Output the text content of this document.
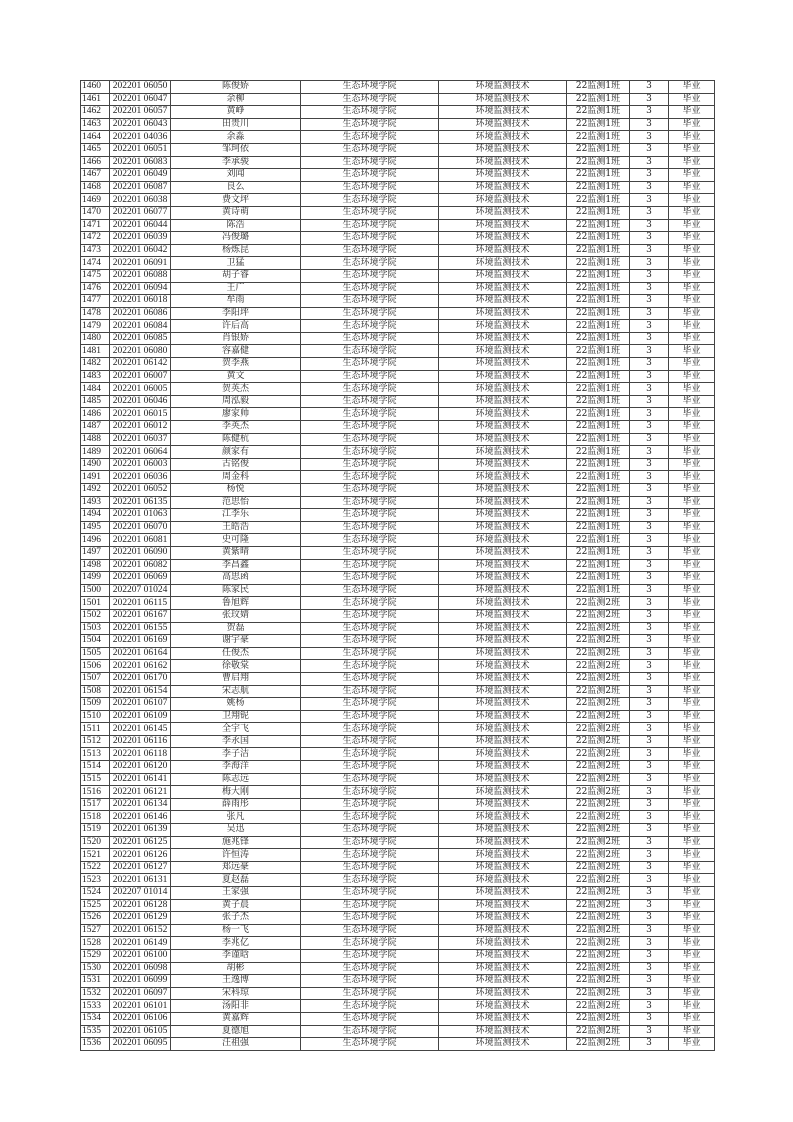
1460	202201 06050	陈俊娇	生态环境学院	环境监测技术	22监测1班	3	毕业
1461	202201 06047	余柳	生态环境学院	环境监测技术	22监测1班	3	毕业
1462	202201 06057	黄峥	生态环境学院	环境监测技术	22监测1班	3	毕业
1463	202201 06043	田贵川	生态环境学院	环境监测技术	22监测1班	3	毕业
1464	202201 04036	余淼	生态环境学院	环境监测技术	22监测1班	3	毕业
1465	202201 06051	邹珂依	生态环境学院	环境监测技术	22监测1班	3	毕业
1466	202201 06083	李承骏	生态环境学院	环境监测技术	22监测1班	3	毕业
1467	202201 06049	刘闻	生态环境学院	环境监测技术	22监测1班	3	毕业
1468	202201 06087	良么	生态环境学院	环境监测技术	22监测1班	3	毕业
1469	202201 06038	费文坪	生态环境学院	环境监测技术	22监测1班	3	毕业
1470	202201 06077	黄诗萌	生态环境学院	环境监测技术	22监测1班	3	毕业
1471	202201 06044	陈浩	生态环境学院	环境监测技术	22监测1班	3	毕业
1472	202201 06039	冯俊璐	生态环境学院	环境监测技术	22监测1班	3	毕业
1473	202201 06042	杨炼昆	生态环境学院	环境监测技术	22监测1班	3	毕业
1474	202201 06091	卫猛	生态环境学院	环境监测技术	22监测1班	3	毕业
1475	202201 06088	胡子睿	生态环境学院	环境监测技术	22监测1班	3	毕业
1476	202201 06094	王广	生态环境学院	环境监测技术	22监测1班	3	毕业
1477	202201 06018	牟雨	生态环境学院	环境监测技术	22监测1班	3	毕业
1478	202201 06086	李阳坪	生态环境学院	环境监测技术	22监测1班	3	毕业
1479	202201 06084	许后高	生态环境学院	环境监测技术	22监测1班	3	毕业
1480	202201 06085	肖银娇	生态环境学院	环境监测技术	22监测1班	3	毕业
1481	202201 06080	容嘉健	生态环境学院	环境监测技术	22监测1班	3	毕业
1482	202201 06142	贺李燕	生态环境学院	环境监测技术	22监测1班	3	毕业
1483	202201 06007	黄文	生态环境学院	环境监测技术	22监测1班	3	毕业
1484	202201 06005	贺英杰	生态环境学院	环境监测技术	22监测1班	3	毕业
1485	202201 06046	周泓毅	生态环境学院	环境监测技术	22监测1班	3	毕业
1486	202201 06015	廖家帅	生态环境学院	环境监测技术	22监测1班	3	毕业
1487	202201 06012	李英杰	生态环境学院	环境监测技术	22监测1班	3	毕业
1488	202201 06037	陈健杭	生态环境学院	环境监测技术	22监测1班	3	毕业
1489	202201 06064	颜家有	生态环境学院	环境监测技术	22监测1班	3	毕业
1490	202201 06003	古铭俊	生态环境学院	环境监测技术	22监测1班	3	毕业
1491	202201 06036	周金科	生态环境学院	环境监测技术	22监测1班	3	毕业
1492	202201 06052	杨悦	生态环境学院	环境监测技术	22监测1班	3	毕业
1493	202201 06135	范思怡	生态环境学院	环境监测技术	22监测1班	3	毕业
1494	202201 01063	江李乐	生态环境学院	环境监测技术	22监测1班	3	毕业
1495	202201 06070	王皓浩	生态环境学院	环境监测技术	22监测1班	3	毕业
1496	202201 06081	史可隆	生态环境学院	环境监测技术	22监测1班	3	毕业
1497	202201 06090	黄紫晴	生态环境学院	环境监测技术	22监测1班	3	毕业
1498	202201 06082	李昌鑫	生态环境学院	环境监测技术	22监测1班	3	毕业
1499	202201 06069	高思函	生态环境学院	环境监测技术	22监测1班	3	毕业
1500	202207 01024	陈家民	生态环境学院	环境监测技术	22监测1班	3	毕业
1501	202201 06115	鲁旭辉	生态环境学院	环境监测技术	22监测2班	3	毕业
1502	202201 06167	张玟婧	生态环境学院	环境监测技术	22监测2班	3	毕业
1503	202201 06155	贺磊	生态环境学院	环境监测技术	22监测2班	3	毕业
1504	202201 06169	谢宇豪	生态环境学院	环境监测技术	22监测2班	3	毕业
1505	202201 06164	任俊杰	生态环境学院	环境监测技术	22监测2班	3	毕业
1506	202201 06162	徐敬棠	生态环境学院	环境监测技术	22监测2班	3	毕业
1507	202201 06170	曹启翔	生态环境学院	环境监测技术	22监测2班	3	毕业
1508	202201 06154	宋志航	生态环境学院	环境监测技术	22监测2班	3	毕业
1509	202201 06107	姚杨	生态环境学院	环境监测技术	22监测2班	3	毕业
1510	202201 06109	卫翔铌	生态环境学院	环境监测技术	22监测2班	3	毕业
1511	202201 06145	全宇飞	生态环境学院	环境监测技术	22监测2班	3	毕业
1512	202201 06116	李永国	生态环境学院	环境监测技术	22监测2班	3	毕业
1513	202201 06118	李子洁	生态环境学院	环境监测技术	22监测2班	3	毕业
1514	202201 06120	李海洋	生态环境学院	环境监测技术	22监测2班	3	毕业
1515	202201 06141	陈志远	生态环境学院	环境监测技术	22监测2班	3	毕业
1516	202201 06121	梅大刚	生态环境学院	环境监测技术	22监测2班	3	毕业
1517	202201 06134	薛雨彤	生态环境学院	环境监测技术	22监测2班	3	毕业
1518	202201 06146	张凡	生态环境学院	环境监测技术	22监测2班	3	毕业
1519	202201 06139	吴迅	生态环境学院	环境监测技术	22监测2班	3	毕业
1520	202201 06125	施兆锋	生态环境学院	环境监测技术	22监测2班	3	毕业
1521	202201 06126	许恒涛	生态环境学院	环境监测技术	22监测2班	3	毕业
1522	202201 06127	郑远豪	生态环境学院	环境监测技术	22监测2班	3	毕业
1523	202201 06131	夏赵磊	生态环境学院	环境监测技术	22监测2班	3	毕业
1524	202207 01014	王家强	生态环境学院	环境监测技术	22监测2班	3	毕业
1525	202201 06128	黄子晨	生态环境学院	环境监测技术	22监测2班	3	毕业
1526	202201 06129	张子杰	生态环境学院	环境监测技术	22监测2班	3	毕业
1527	202201 06152	杨一飞	生态环境学院	环境监测技术	22监测2班	3	毕业
1528	202201 06149	李兆亿	生态环境学院	环境监测技术	22监测2班	3	毕业
1529	202201 06100	李谨晗	生态环境学院	环境监测技术	22监测2班	3	毕业
1530	202201 06098	胡彬	生态环境学院	环境监测技术	22监测2班	3	毕业
1531	202201 06099	王逸博	生态环境学院	环境监测技术	22监测2班	3	毕业
1532	202201 06097	宋科琼	生态环境学院	环境监测技术	22监测2班	3	毕业
1533	202201 06101	汤阳非	生态环境学院	环境监测技术	22监测2班	3	毕业
1534	202201 06106	黄嘉辉	生态环境学院	环境监测技术	22监测2班	3	毕业
1535	202201 06105	夏德旭	生态环境学院	环境监测技术	22监测2班	3	毕业
1536	202201 06095	汪祖强	生态环境学院	环境监测技术	22监测2班	3	毕业
